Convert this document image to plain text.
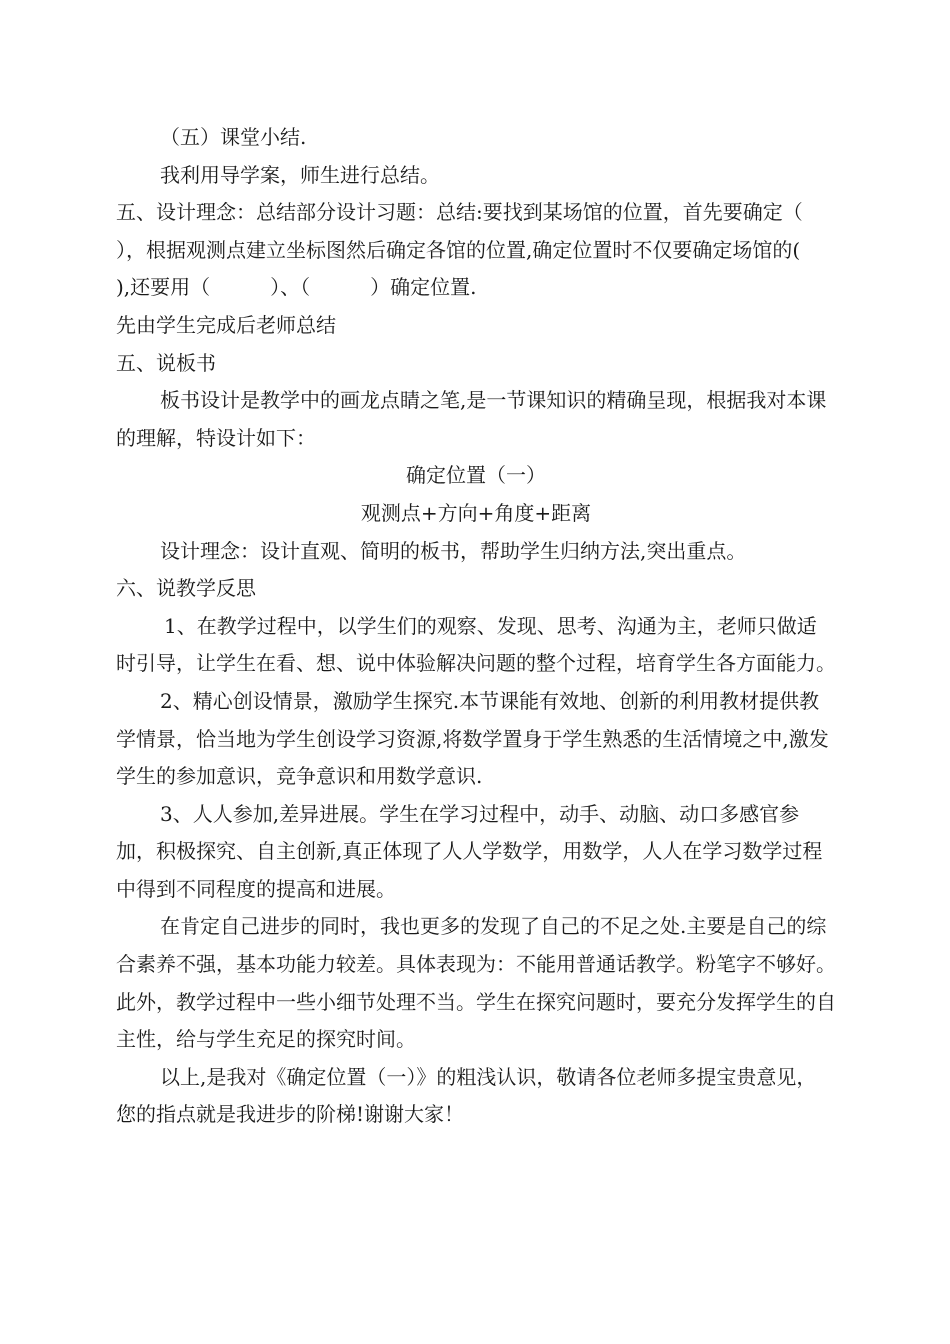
（五）课堂小结.

我利用导学案，师生进行总结。

五、设计理念：总结部分设计习题：总结:要找到某场馆的位置，首先要确定（　　　），根据观测点建立坐标图然后确定各馆的位置,确定位置时不仅要确定场馆的(　　　),还要用（　　　）、（　　　）确定位置.

先由学生完成后老师总结

五、说板书

板书设计是教学中的画龙点睛之笔,是一节课知识的精确呈现，根据我对本课的理解，特设计如下：

确定位置（一）

观测点+方向+角度+距离

设计理念：设计直观、简明的板书，帮助学生归纳方法,突出重点。

六、说教学反思

1、在教学过程中，以学生们的观察、发现、思考、沟通为主，老师只做适时引导，让学生在看、想、说中体验解决问题的整个过程，培育学生各方面能力。

2、精心创设情景，激励学生探究.本节课能有效地、创新的利用教材提供教学情景，恰当地为学生创设学习资源,将数学置身于学生熟悉的生活情境之中,激发学生的参加意识，竞争意识和用数学意识.

3、人人参加,差异进展。学生在学习过程中，动手、动脑、动口多感官参加，积极探究、自主创新,真正体现了人人学数学，用数学，人人在学习数学过程中得到不同程度的提高和进展。

在肯定自己进步的同时，我也更多的发现了自己的不足之处.主要是自己的综合素养不强，基本功能力较差。具体表现为：不能用普通话教学。粉笔字不够好。此外，教学过程中一些小细节处理不当。学生在探究问题时，要充分发挥学生的自主性，给与学生充足的探究时间。

以上,是我对《确定位置（一）》的粗浅认识，敬请各位老师多提宝贵意见，您的指点就是我进步的阶梯!谢谢大家！
